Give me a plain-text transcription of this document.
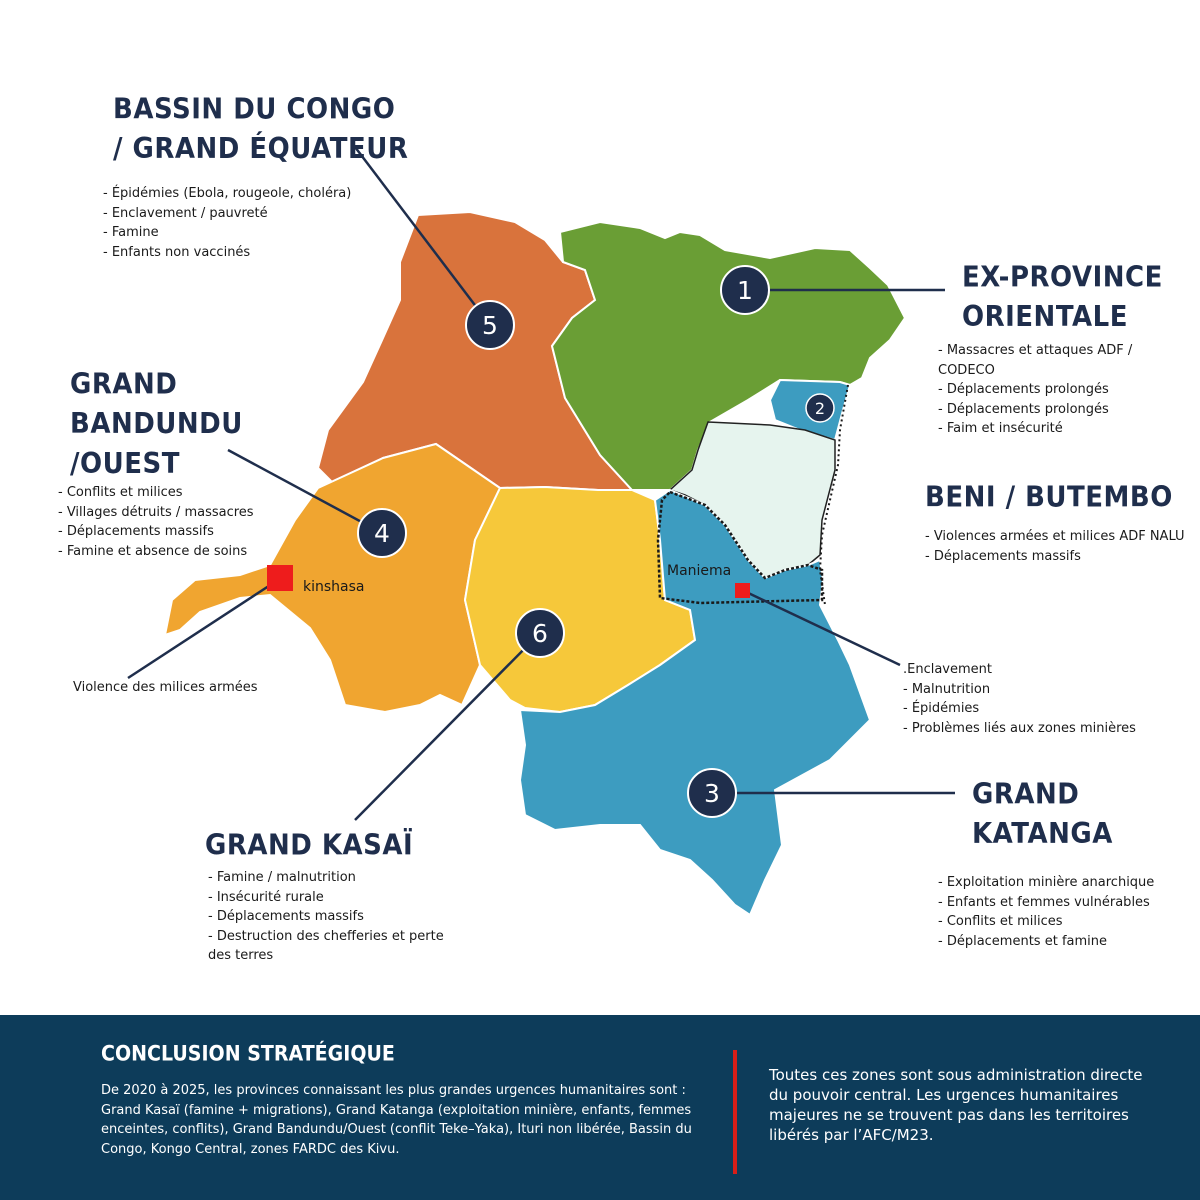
5
1
2
4
6
3
kinshasa
Maniema
Violence des milices armées
BASSIN DU CONGO
/ GRAND ÉQUATEUR
- Épidémies (Ebola, rougeole, choléra)
- Enclavement / pauvreté
- Famine
- Enfants non vaccinés
EX-PROVINCE
ORIENTALE
- Massacres et attaques ADF /
CODECO
- Déplacements prolongés
- Déplacements prolongés
- Faim et insécurité
GRAND
BANDUNDU
/OUEST
- Conflits et milices
- Villages détruits / massacres
- Déplacements massifs
- Famine et absence de soins
BENI / BUTEMBO
- Violences armées et milices ADF NALU
- Déplacements massifs
.Enclavement
- Malnutrition
- Épidémies
- Problèmes liés aux zones minières
GRAND KASAÏ
- Famine / malnutrition
- Insécurité rurale
- Déplacements massifs
- Destruction des chefferies et perte
des terres
GRAND
KATANGA
- Exploitation minière anarchique
- Enfants et femmes vulnérables
- Conflits et milices
- Déplacements et famine
CONCLUSION STRATÉGIQUE
De 2020 à 2025, les provinces connaissant les plus grandes urgences humanitaires sont : Grand Kasaï (famine + migrations), Grand Katanga (exploitation minière, enfants, femmes enceintes, conflits), Grand Bandundu/Ouest (conflit Teke–Yaka), Ituri non libérée, Bassin du Congo, Kongo Central, zones FARDC des Kivu.
Toutes ces zones sont sous administration directe du pouvoir central. Les urgences humanitaires majeures ne se trouvent pas dans les territoires libérés par l’AFC/M23.
